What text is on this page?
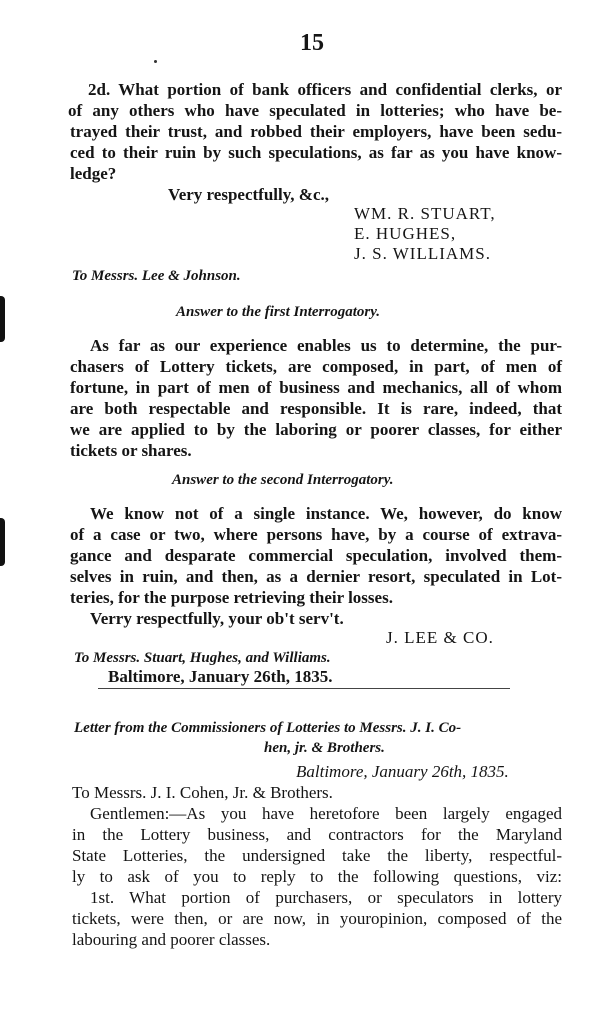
15
2d. What portion of bank officers and confidential clerks, or
of any others who have speculated in lotteries; who have be-
trayed their trust, and robbed their employers, have been sedu-
ced to their ruin by such speculations, as far as you have know-
ledge?
Very respectfully, &c.,
WM. R. STUART,
E. HUGHES,
J. S. WILLIAMS.
To Messrs. Lee & Johnson.
Answer to the first Interrogatory.
As far as our experience enables us to determine, the pur-
chasers of Lottery tickets, are composed, in part, of men of
fortune, in part of men of business and mechanics, all of whom
are both respectable and responsible. It is rare, indeed, that
we are applied to by the laboring or poorer classes, for either
tickets or shares.
Answer to the second Interrogatory.
We know not of a single instance. We, however, do know
of a case or two, where persons have, by a course of extrava-
gance and desparate commercial speculation, involved them-
selves in ruin, and then, as a dernier resort, speculated in Lot-
teries, for the purpose retrieving their losses.
Verry respectfully, your ob't serv't.
J. LEE & CO.
To Messrs. Stuart, Hughes, and Williams.
Baltimore, January 26th, 1835.
Letter from the Commissioners of Lotteries to Messrs. J. I. Co-
hen, jr. & Brothers.
Baltimore, January 26th, 1835.
To Messrs. J. I. Cohen, Jr. & Brothers.
Gentlemen:—As you have heretofore been largely engaged
in the Lottery business, and contractors for the Maryland
State Lotteries, the undersigned take the liberty, respectful-
ly to ask of you to reply to the following questions, viz:
1st. What portion of purchasers, or speculators in lottery
tickets, were then, or are now, in youropinion, composed of the
labouring and poorer classes.
